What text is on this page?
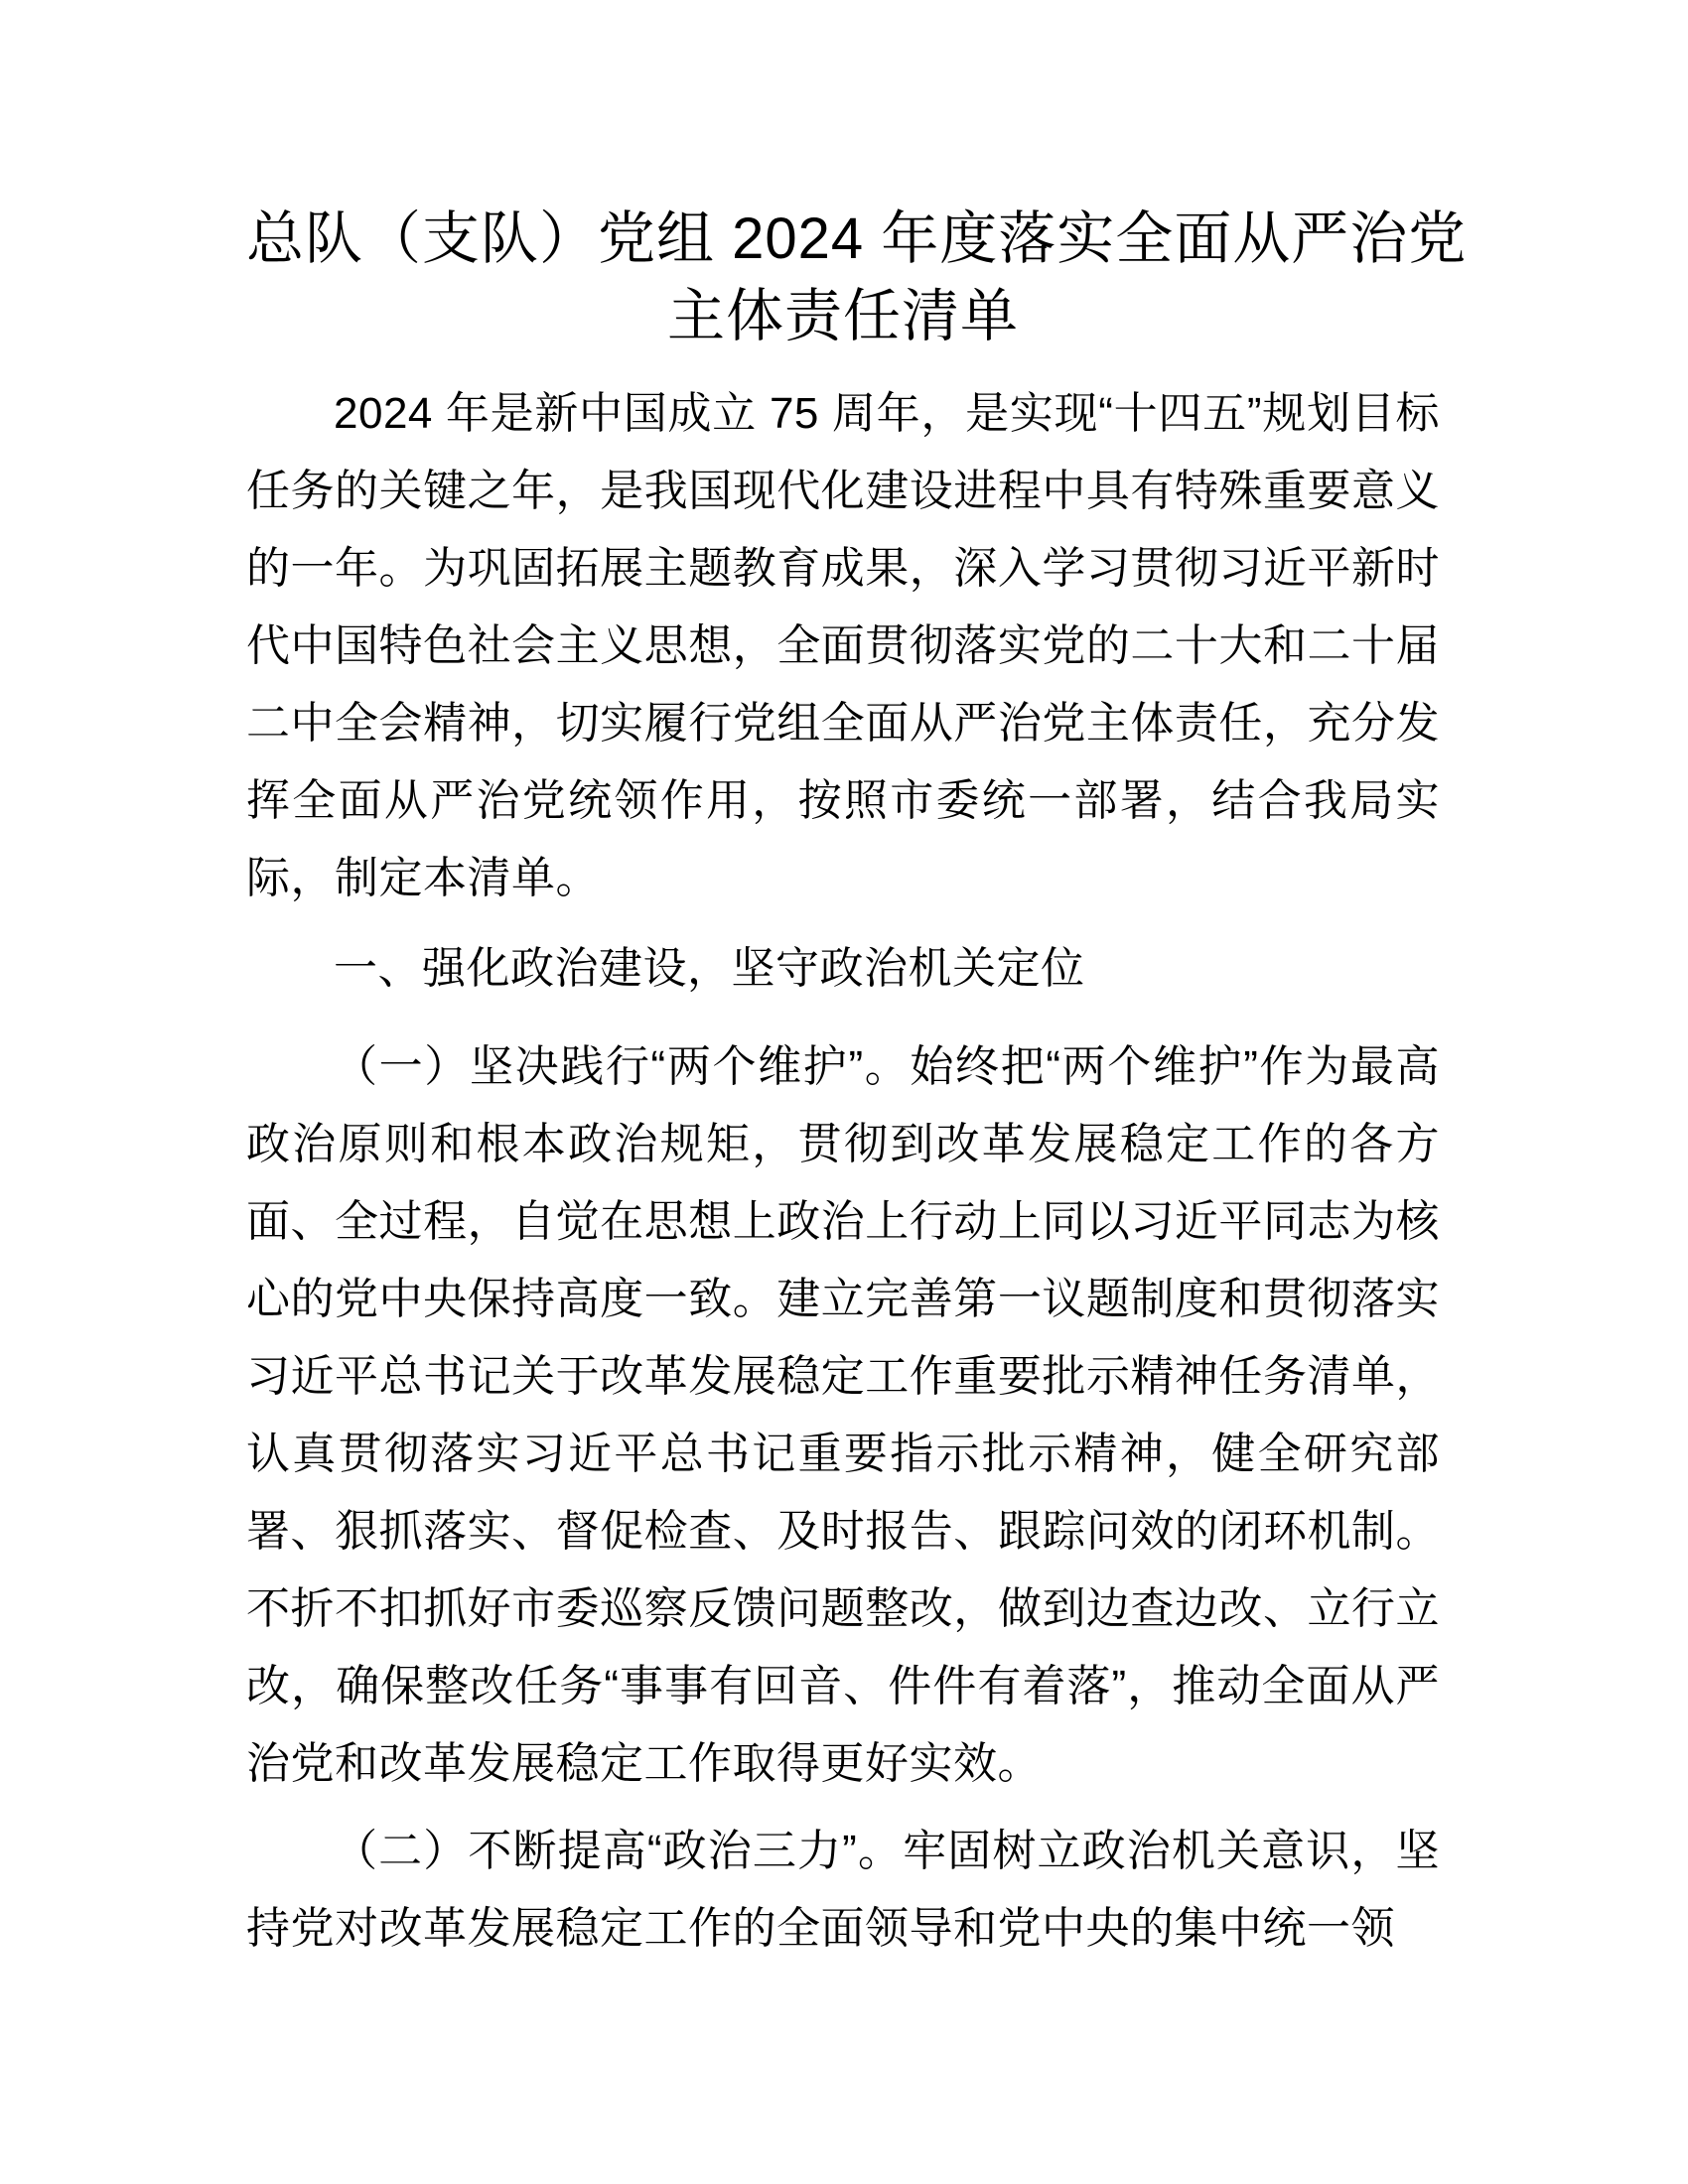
总队（支队）党组 2024 年度落实全面从严治党
主体责任清单

2024 年是新中国成立 75 周年，是实现“十四五”规划目标任务的关键之年，是我国现代化建设进程中具有特殊重要意义的一年。为巩固拓展主题教育成果，深入学习贯彻习近平新时代中国特色社会主义思想，全面贯彻落实党的二十大和二十届二中全会精神，切实履行党组全面从严治党主体责任，充分发挥全面从严治党统领作用，按照市委统一部署，结合我局实际，制定本清单。

一、强化政治建设，坚守政治机关定位

（一）坚决践行“两个维护”。始终把“两个维护”作为最高政治原则和根本政治规矩，贯彻到改革发展稳定工作的各方面、全过程，自觉在思想上政治上行动上同以习近平同志为核心的党中央保持高度一致。建立完善第一议题制度和贯彻落实习近平总书记关于改革发展稳定工作重要批示精神任务清单，认真贯彻落实习近平总书记重要指示批示精神，健全研究部署、狠抓落实、督促检查、及时报告、跟踪问效的闭环机制。不折不扣抓好市委巡察反馈问题整改，做到边查边改、立行立改，确保整改任务“事事有回音、件件有着落”，推动全面从严治党和改革发展稳定工作取得更好实效。

（二）不断提高“政治三力”。牢固树立政治机关意识，坚持党对改革发展稳定工作的全面领导和党中央的集中统一领
